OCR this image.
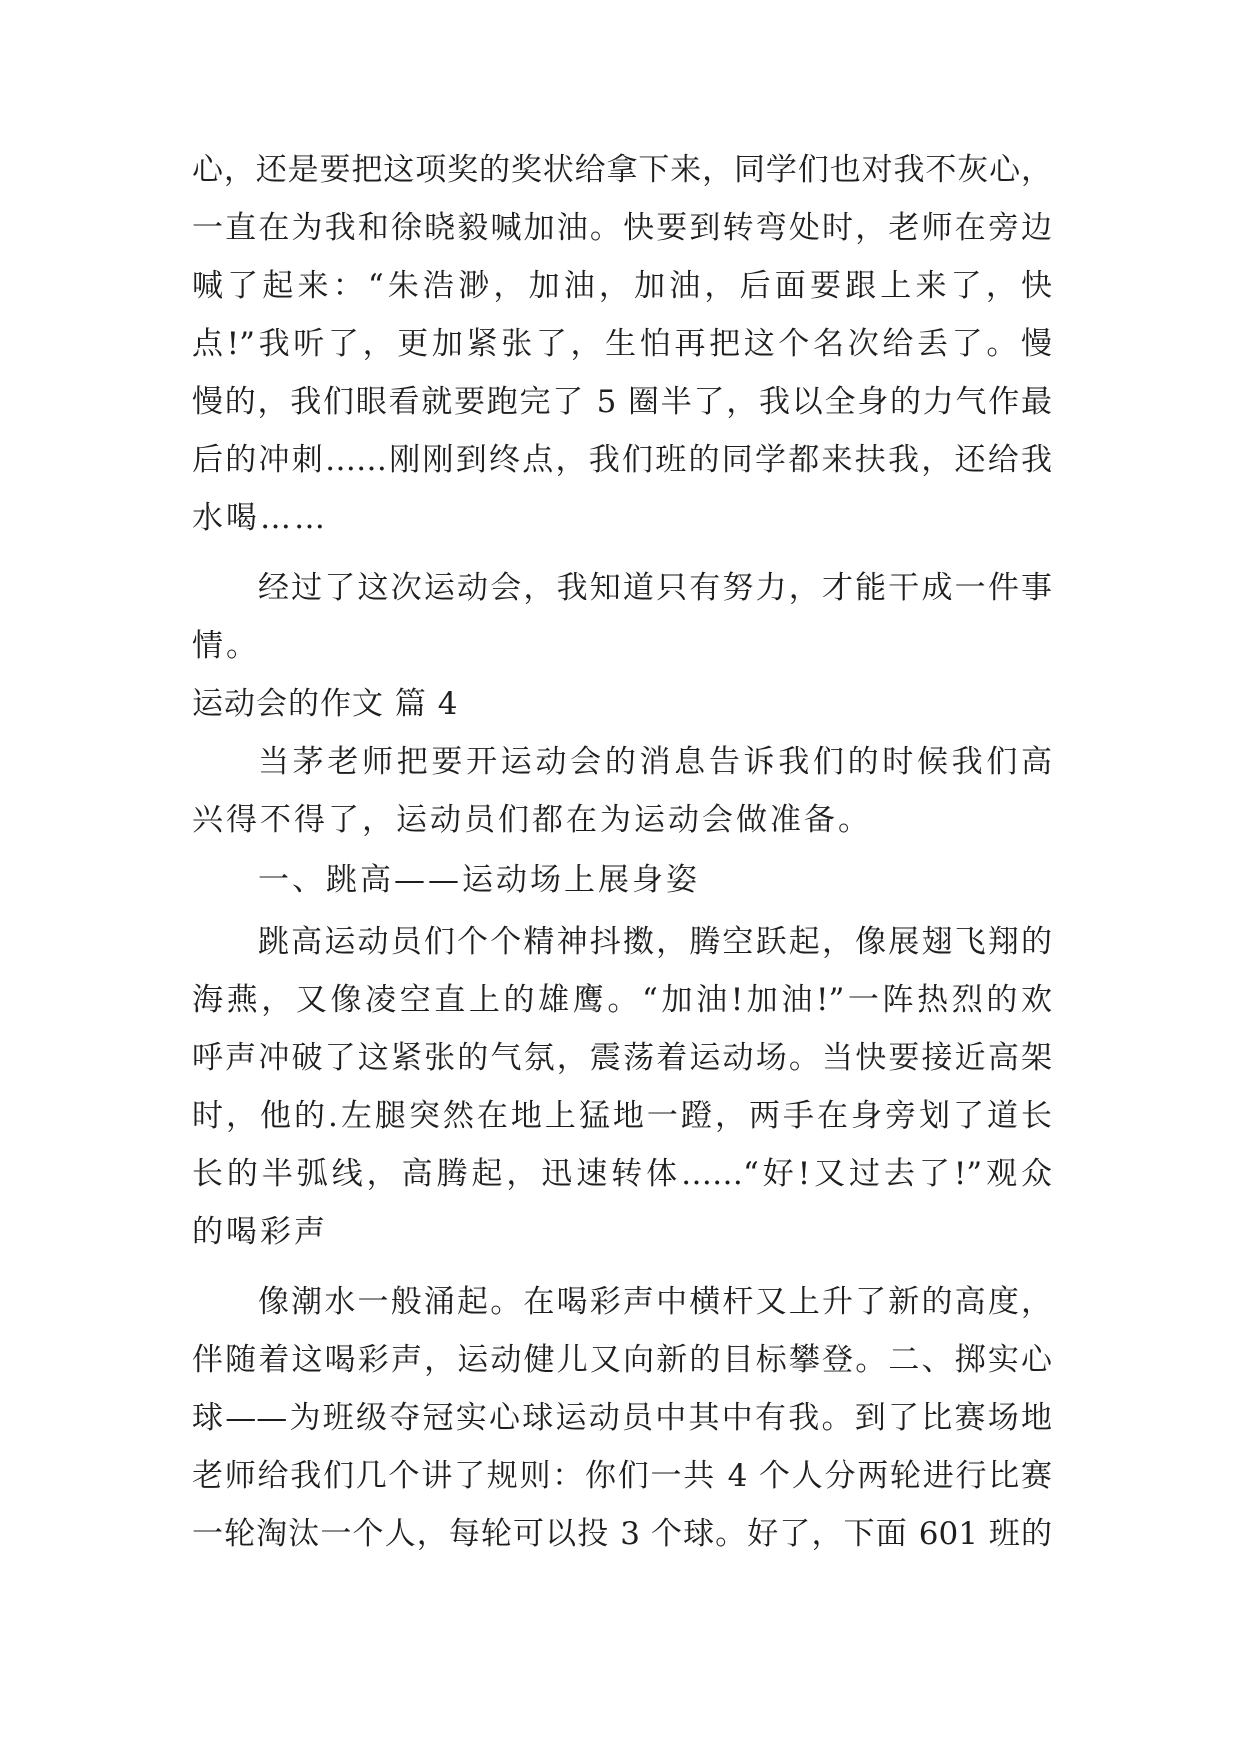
心，还是要把这项奖的奖状给拿下来，同学们也对我不灰心，
一直在为我和徐晓毅喊加油。快要到转弯处时，老师在旁边
喊了起来：“朱浩渺，加油，加油，后面要跟上来了，快
点!”我听了，更加紧张了，生怕再把这个名次给丢了。慢
慢的，我们眼看就要跑完了 5 圈半了，我以全身的力气作最
后的冲刺……刚刚到终点，我们班的同学都来扶我，还给我
水喝……
经过了这次运动会，我知道只有努力，才能干成一件事
情。
运动会的作文 篇 4
当茅老师把要开运动会的消息告诉我们的时候我们高
兴得不得了，运动员们都在为运动会做准备。
一、跳高——运动场上展身姿
跳高运动员们个个精神抖擞，腾空跃起，像展翅飞翔的
海燕，又像凌空直上的雄鹰。“加油!加油!”一阵热烈的欢
呼声冲破了这紧张的气氛，震荡着运动场。当快要接近高架
时，他的.左腿突然在地上猛地一蹬，两手在身旁划了道长
长的半弧线，高腾起，迅速转体……“好!又过去了!”观众
的喝彩声
像潮水一般涌起。在喝彩声中横杆又上升了新的高度，
伴随着这喝彩声，运动健儿又向新的目标攀登。二、掷实心
球——为班级夺冠实心球运动员中其中有我。到了比赛场地
老师给我们几个讲了规则：你们一共 4 个人分两轮进行比赛
一轮淘汰一个人，每轮可以投 3 个球。好了，下面 601 班的
